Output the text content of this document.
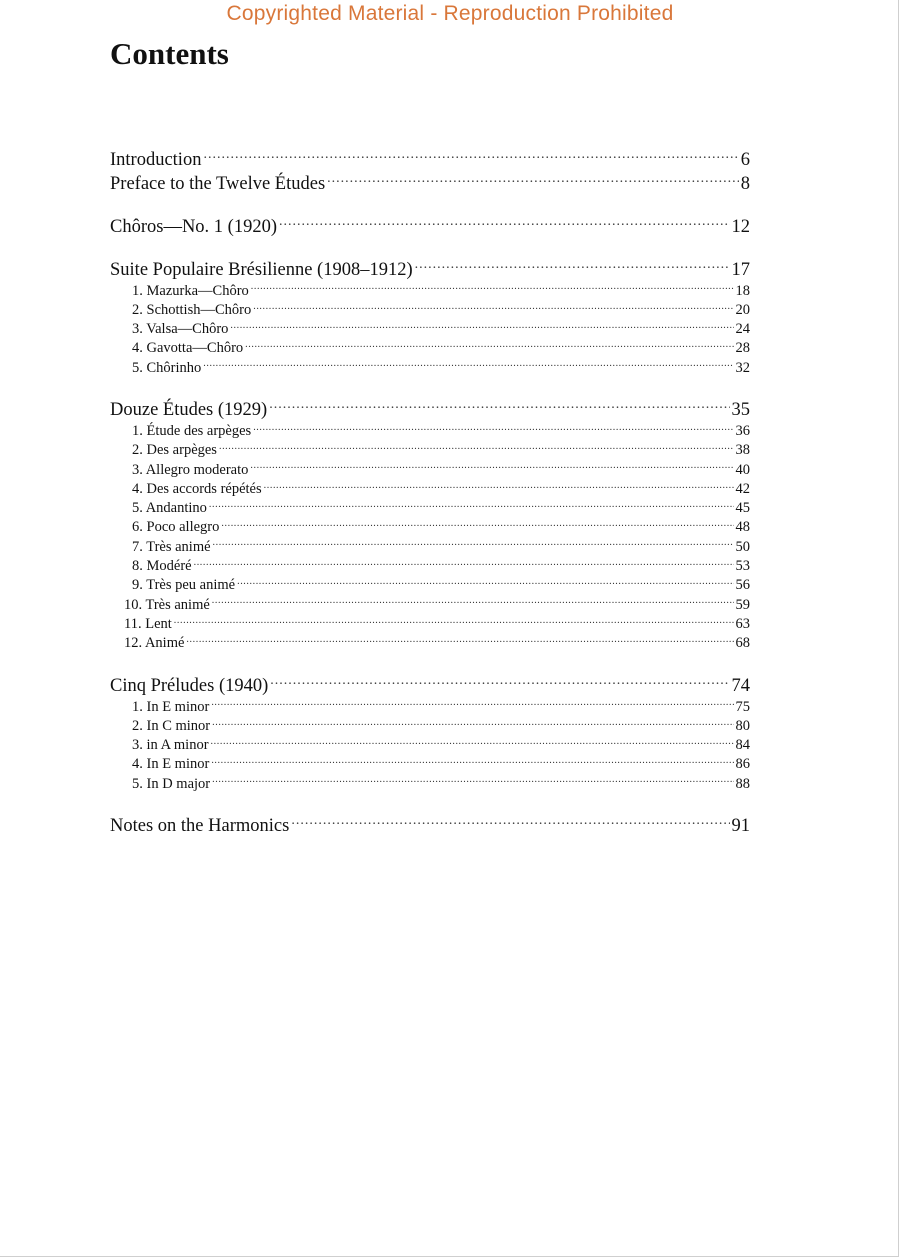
Copyrighted Material - Reproduction Prohibited
Contents
Introduction .....	6
Preface to the Twelve Études .....	8
Chôros—No. 1 (1920) .....	12
Suite Populaire Brésilienne (1908–1912) .....	17
1. Mazurka—Chôro .....	18
2. Schottish—Chôro .....	20
3. Valsa—Chôro .....	24
4. Gavotta—Chôro .....	28
5. Chôrinho .....	32
Douze Études (1929) .....	35
1. Étude des arpèges .....	36
2. Des arpèges .....	38
3. Allegro moderato .....	40
4. Des accords répétés .....	42
5. Andantino .....	45
6. Poco allegro .....	48
7. Très animé .....	50
8. Modéré .....	53
9. Très peu animé .....	56
10. Très animé .....	59
11. Lent .....	63
12. Animé .....	68
Cinq Préludes (1940) .....	74
1. In E minor .....	75
2. In C minor .....	80
3. in A minor .....	84
4. In E minor .....	86
5. In D major .....	88
Notes on the Harmonics .....	91
